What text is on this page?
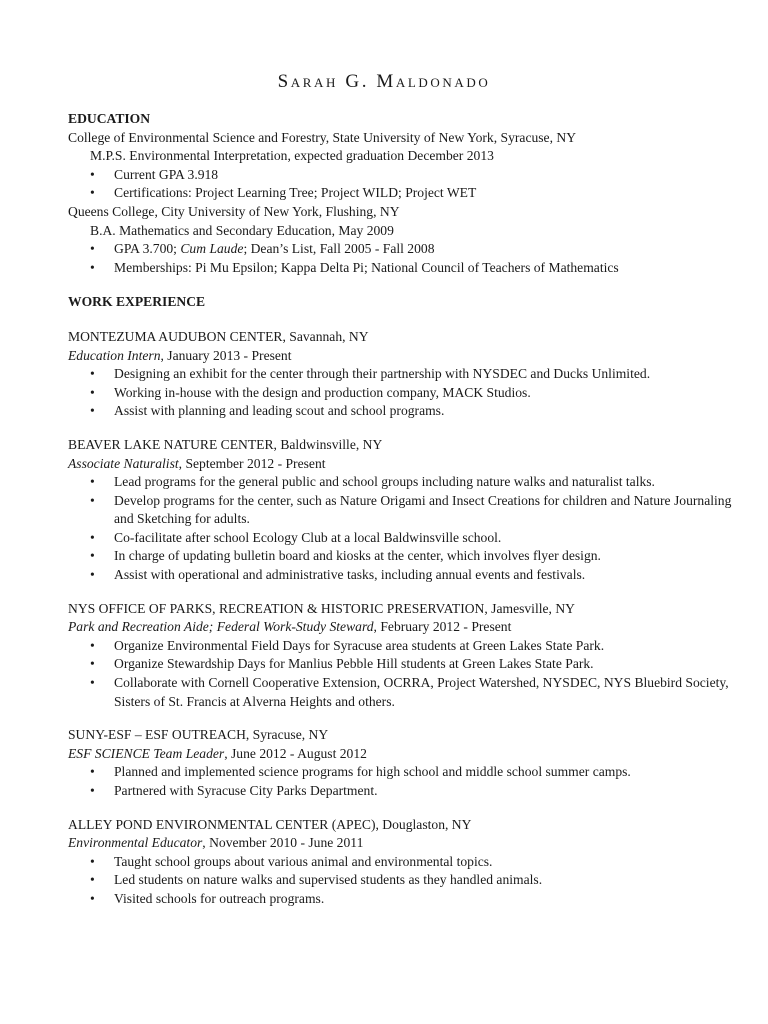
Sarah G. Maldonado
EDUCATION
College of Environmental Science and Forestry, State University of New York, Syracuse, NY
M.P.S. Environmental Interpretation, expected graduation December 2013
• Current GPA 3.918
• Certifications: Project Learning Tree; Project WILD; Project WET
Queens College, City University of New York, Flushing, NY
B.A. Mathematics and Secondary Education, May 2009
• GPA 3.700; Cum Laude; Dean’s List, Fall 2005 - Fall 2008
• Memberships: Pi Mu Epsilon; Kappa Delta Pi; National Council of Teachers of Mathematics
WORK EXPERIENCE
MONTEZUMA AUDUBON CENTER, Savannah, NY
Education Intern, January 2013 - Present
• Designing an exhibit for the center through their partnership with NYSDEC and Ducks Unlimited.
• Working in-house with the design and production company, MACK Studios.
• Assist with planning and leading scout and school programs.
BEAVER LAKE NATURE CENTER, Baldwinsville, NY
Associate Naturalist, September 2012 - Present
• Lead programs for the general public and school groups including nature walks and naturalist talks.
• Develop programs for the center, such as Nature Origami and Insect Creations for children and Nature Journaling and Sketching for adults.
• Co-facilitate after school Ecology Club at a local Baldwinsville school.
• In charge of updating bulletin board and kiosks at the center, which involves flyer design.
• Assist with operational and administrative tasks, including annual events and festivals.
NYS OFFICE OF PARKS, RECREATION & HISTORIC PRESERVATION, Jamesville, NY
Park and Recreation Aide; Federal Work-Study Steward, February 2012 - Present
• Organize Environmental Field Days for Syracuse area students at Green Lakes State Park.
• Organize Stewardship Days for Manlius Pebble Hill students at Green Lakes State Park.
• Collaborate with Cornell Cooperative Extension, OCRRA, Project Watershed, NYSDEC, NYS Bluebird Society, Sisters of St. Francis at Alverna Heights and others.
SUNY-ESF – ESF OUTREACH, Syracuse, NY
ESF SCIENCE Team Leader, June 2012 - August 2012
• Planned and implemented science programs for high school and middle school summer camps.
• Partnered with Syracuse City Parks Department.
ALLEY POND ENVIRONMENTAL CENTER (APEC), Douglaston, NY
Environmental Educator, November 2010 - June 2011
• Taught school groups about various animal and environmental topics.
• Led students on nature walks and supervised students as they handled animals.
• Visited schools for outreach programs.
